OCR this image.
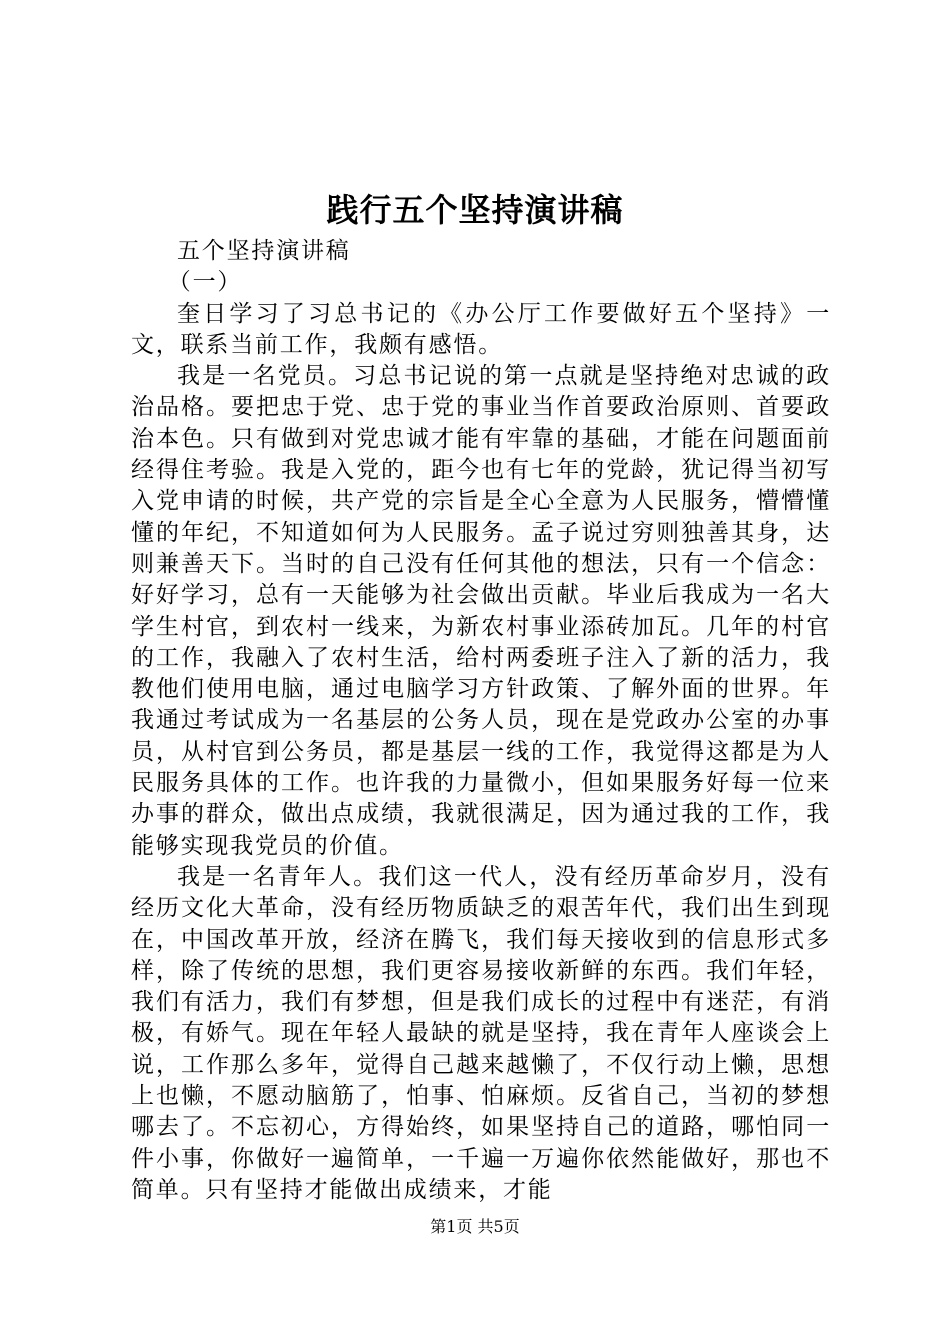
践行五个坚持演讲稿

五个坚持演讲稿

（一）

奎日学习了习总书记的《办公厅工作要做好五个坚持》一文，联系当前工作，我颇有感悟。

我是一名党员。习总书记说的第一点就是坚持绝对忠诚的政治品格。要把忠于党、忠于党的事业当作首要政治原则、首要政治本色。只有做到对党忠诚才能有牢靠的基础，才能在问题面前经得住考验。我是入党的，距今也有七年的党龄，犹记得当初写入党申请的时候，共产党的宗旨是全心全意为人民服务，懵懵懂懂的年纪，不知道如何为人民服务。孟子说过穷则独善其身，达则兼善天下。当时的自己没有任何其他的想法，只有一个信念：好好学习，总有一天能够为社会做出贡献。毕业后我成为一名大学生村官，到农村一线来，为新农村事业添砖加瓦。几年的村官的工作，我融入了农村生活，给村两委班子注入了新的活力，我教他们使用电脑，通过电脑学习方针政策、了解外面的世界。年我通过考试成为一名基层的公务人员，现在是党政办公室的办事员，从村官到公务员，都是基层一线的工作，我觉得这都是为人民服务具体的工作。也许我的力量微小，但如果服务好每一位来办事的群众，做出点成绩，我就很满足，因为通过我的工作，我能够实现我党员的价值。

我是一名青年人。我们这一代人，没有经历革命岁月，没有经历文化大革命，没有经历物质缺乏的艰苦年代，我们出生到现在，中国改革开放，经济在腾飞，我们每天接收到的信息形式多样，除了传统的思想，我们更容易接收新鲜的东西。我们年轻，我们有活力，我们有梦想，但是我们成长的过程中有迷茫，有消极，有娇气。现在年轻人最缺的就是坚持，我在青年人座谈会上说，工作那么多年，觉得自己越来越懒了，不仅行动上懒，思想上也懒，不愿动脑筋了，怕事、怕麻烦。反省自己，当初的梦想哪去了。不忘初心，方得始终，如果坚持自己的道路，哪怕同一件小事，你做好一遍简单，一千遍一万遍你依然能做好，那也不简单。只有坚持才能做出成绩来，才能

第1页 共5页
